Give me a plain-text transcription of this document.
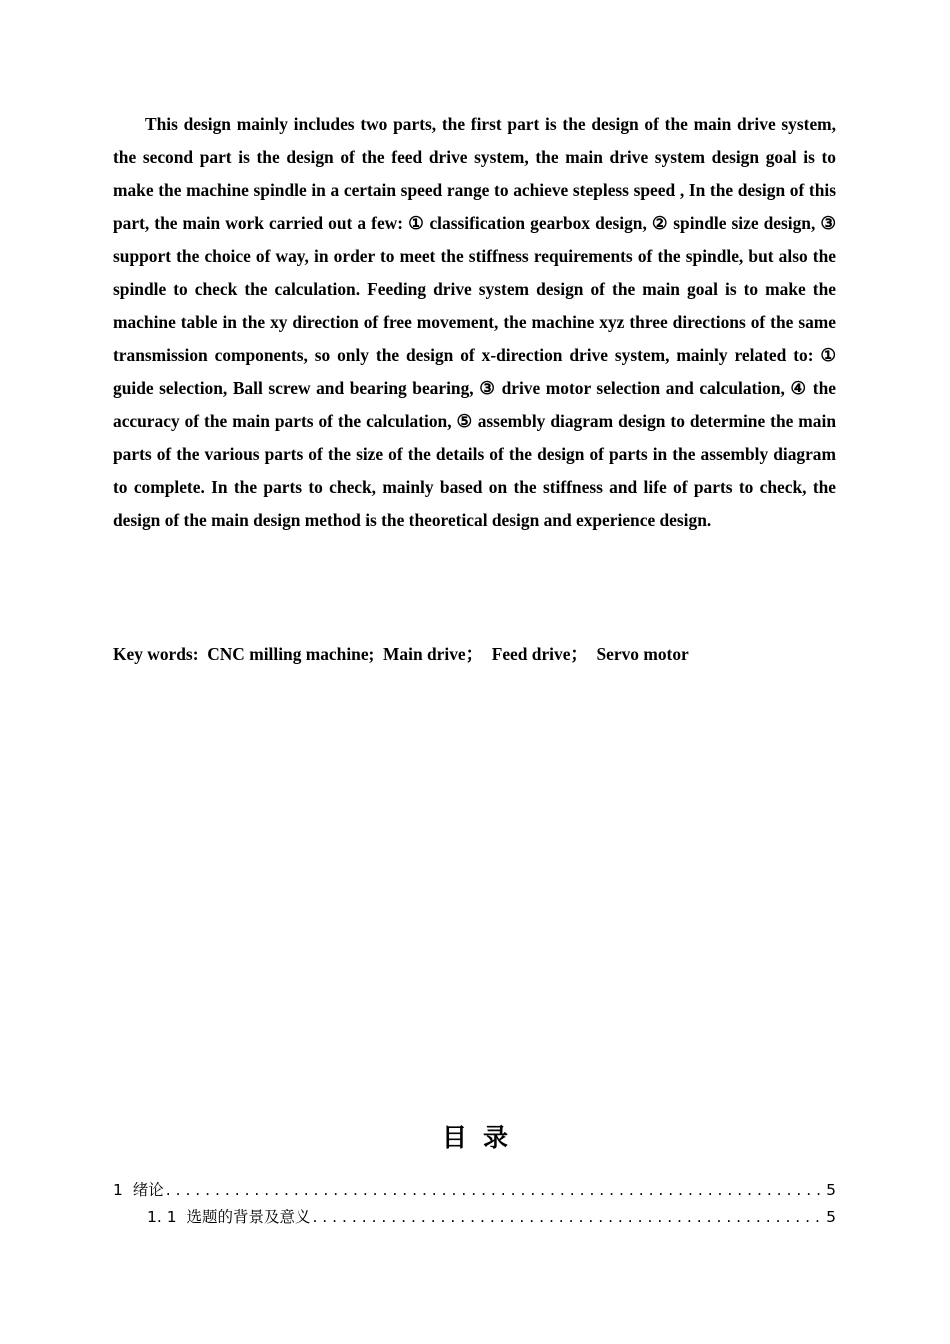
This design mainly includes two parts, the first part is the design of the main drive system, the second part is the design of the feed drive system, the main drive system design goal is to make the machine spindle in a certain speed range to achieve stepless speed , In the design of this part, the main work carried out a few: ① classification gearbox design, ② spindle size design, ③ support the choice of way, in order to meet the stiffness requirements of the spindle, but also the spindle to check the calculation. Feeding drive system design of the main goal is to make the machine table in the xy direction of free movement, the machine xyz three directions of the same transmission components, so only the design of x-direction drive system, mainly related to: ① guide selection, Ball screw and bearing bearing, ③ drive motor selection and calculation, ④ the accuracy of the main parts of the calculation, ⑤ assembly diagram design to determine the main parts of the various parts of the size of the details of the design of parts in the assembly diagram to complete. In the parts to check, mainly based on the stiffness and life of parts to check, the design of the main design method is the theoretical design and experience design.

Key words:  CNC milling machine;  Main drive；  Feed drive；  Servo motor

目录
1 绪论 . . .	5
1. 1 选题的背景及意义 . . .	5
